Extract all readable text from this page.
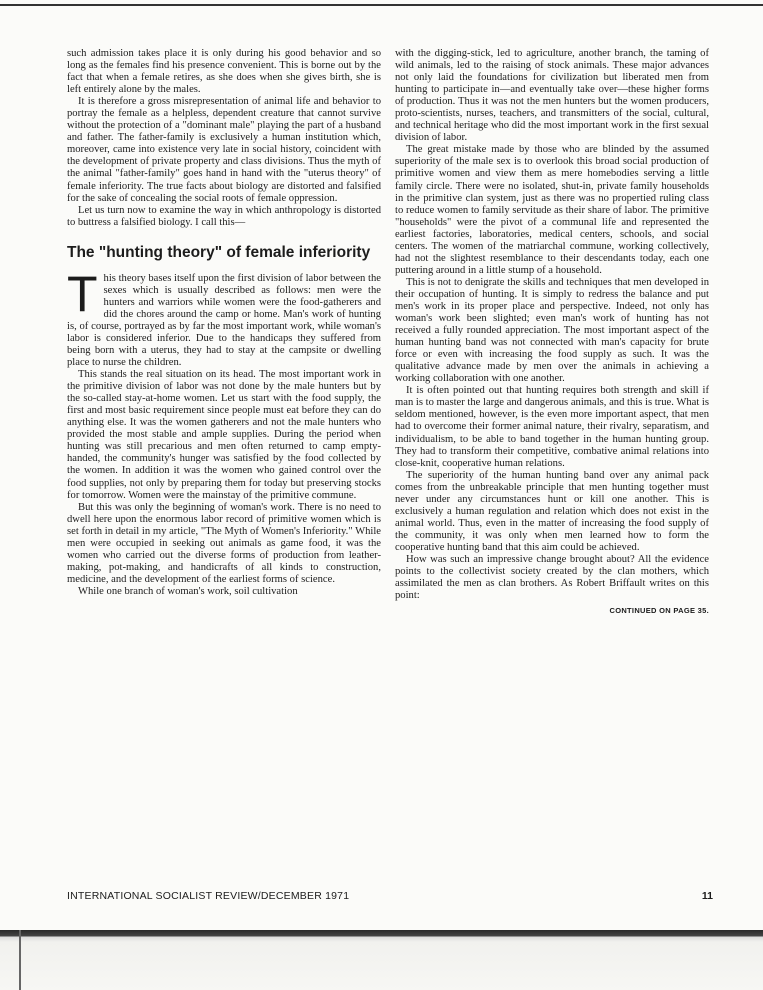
such admission takes place it is only during his good behavior and so long as the females find his presence convenient. This is borne out by the fact that when a female retires, as she does when she gives birth, she is left entirely alone by the males.

It is therefore a gross misrepresentation of animal life and behavior to portray the female as a helpless, dependent creature that cannot survive without the protection of a "dominant male" playing the part of a husband and father. The father-family is exclusively a human institution which, moreover, came into existence very late in social history, coincident with the development of private property and class divisions. Thus the myth of the animal "father-family" goes hand in hand with the "uterus theory" of female inferiority. The true facts about biology are distorted and falsified for the sake of concealing the social roots of female oppression.

Let us turn now to examine the way in which anthropology is distorted to buttress a falsified biology. I call this—

The "hunting theory" of female inferiority

This theory bases itself upon the first division of labor between the sexes which is usually described as follows: men were the hunters and warriors while women were the food-gatherers and did the chores around the camp or home. Man's work of hunting is, of course, portrayed as by far the most important work, while woman's labor is considered inferior. Due to the handicaps they suffered from being born with a uterus, they had to stay at the campsite or dwelling place to nurse the children.

This stands the real situation on its head. The most important work in the primitive division of labor was not done by the male hunters but by the so-called stay-at-home women. Let us start with the food supply, the first and most basic requirement since people must eat before they can do anything else. It was the women gatherers and not the male hunters who provided the most stable and ample supplies. During the period when hunting was still precarious and men often returned to camp empty-handed, the community's hunger was satisfied by the food collected by the women. In addition it was the women who gained control over the food supplies, not only by preparing them for today but preserving stocks for tomorrow. Women were the mainstay of the primitive commune.

But this was only the beginning of woman's work. There is no need to dwell here upon the enormous labor record of primitive women which is set forth in detail in my article, "The Myth of Women's Inferiority." While men were occupied in seeking out animals as game food, it was the women who carried out the diverse forms of production from leather-making, pot-making, and handicrafts of all kinds to construction, medicine, and the development of the earliest forms of science.

While one branch of woman's work, soil cultivation

with the digging-stick, led to agriculture, another branch, the taming of wild animals, led to the raising of stock animals. These major advances not only laid the foundations for civilization but liberated men from hunting to participate in—and eventually take over—these higher forms of production. Thus it was not the men hunters but the women producers, proto-scientists, nurses, teachers, and transmitters of the social, cultural, and technical heritage who did the most important work in the first sexual division of labor.

The great mistake made by those who are blinded by the assumed superiority of the male sex is to overlook this broad social production of primitive women and view them as mere homebodies serving a little family circle. There were no isolated, shut-in, private family households in the primitive clan system, just as there was no propertied ruling class to reduce women to family servitude as their share of labor. The primitive "households" were the pivot of a communal life and represented the earliest factories, laboratories, medical centers, schools, and social centers. The women of the matriarchal commune, working collectively, had not the slightest resemblance to their descendants today, each one puttering around in a little stump of a household.

This is not to denigrate the skills and techniques that men developed in their occupation of hunting. It is simply to redress the balance and put men's work in its proper place and perspective. Indeed, not only has woman's work been slighted; even man's work of hunting has not received a fully rounded appreciation. The most important aspect of the human hunting band was not connected with man's capacity for brute force or even with increasing the food supply as such. It was the qualitative advance made by men over the animals in achieving a working collaboration with one another.

It is often pointed out that hunting requires both strength and skill if man is to master the large and dangerous animals, and this is true. What is seldom mentioned, however, is the even more important aspect, that men had to overcome their former animal nature, their rivalry, separatism, and individualism, to be able to band together in the human hunting group. They had to transform their competitive, combative animal relations into close-knit, cooperative human relations.

The superiority of the human hunting band over any animal pack comes from the unbreakable principle that men hunting together must never under any circumstances hunt or kill one another. This is exclusively a human regulation and relation which does not exist in the animal world. Thus, even in the matter of increasing the food supply of the community, it was only when men learned how to form the cooperative hunting band that this aim could be achieved.

How was such an impressive change brought about? All the evidence points to the collectivist society created by the clan mothers, which assimilated the men as clan brothers. As Robert Briffault writes on this point:

CONTINUED ON PAGE 35.

INTERNATIONAL SOCIALIST REVIEW/DECEMBER 1971	11
